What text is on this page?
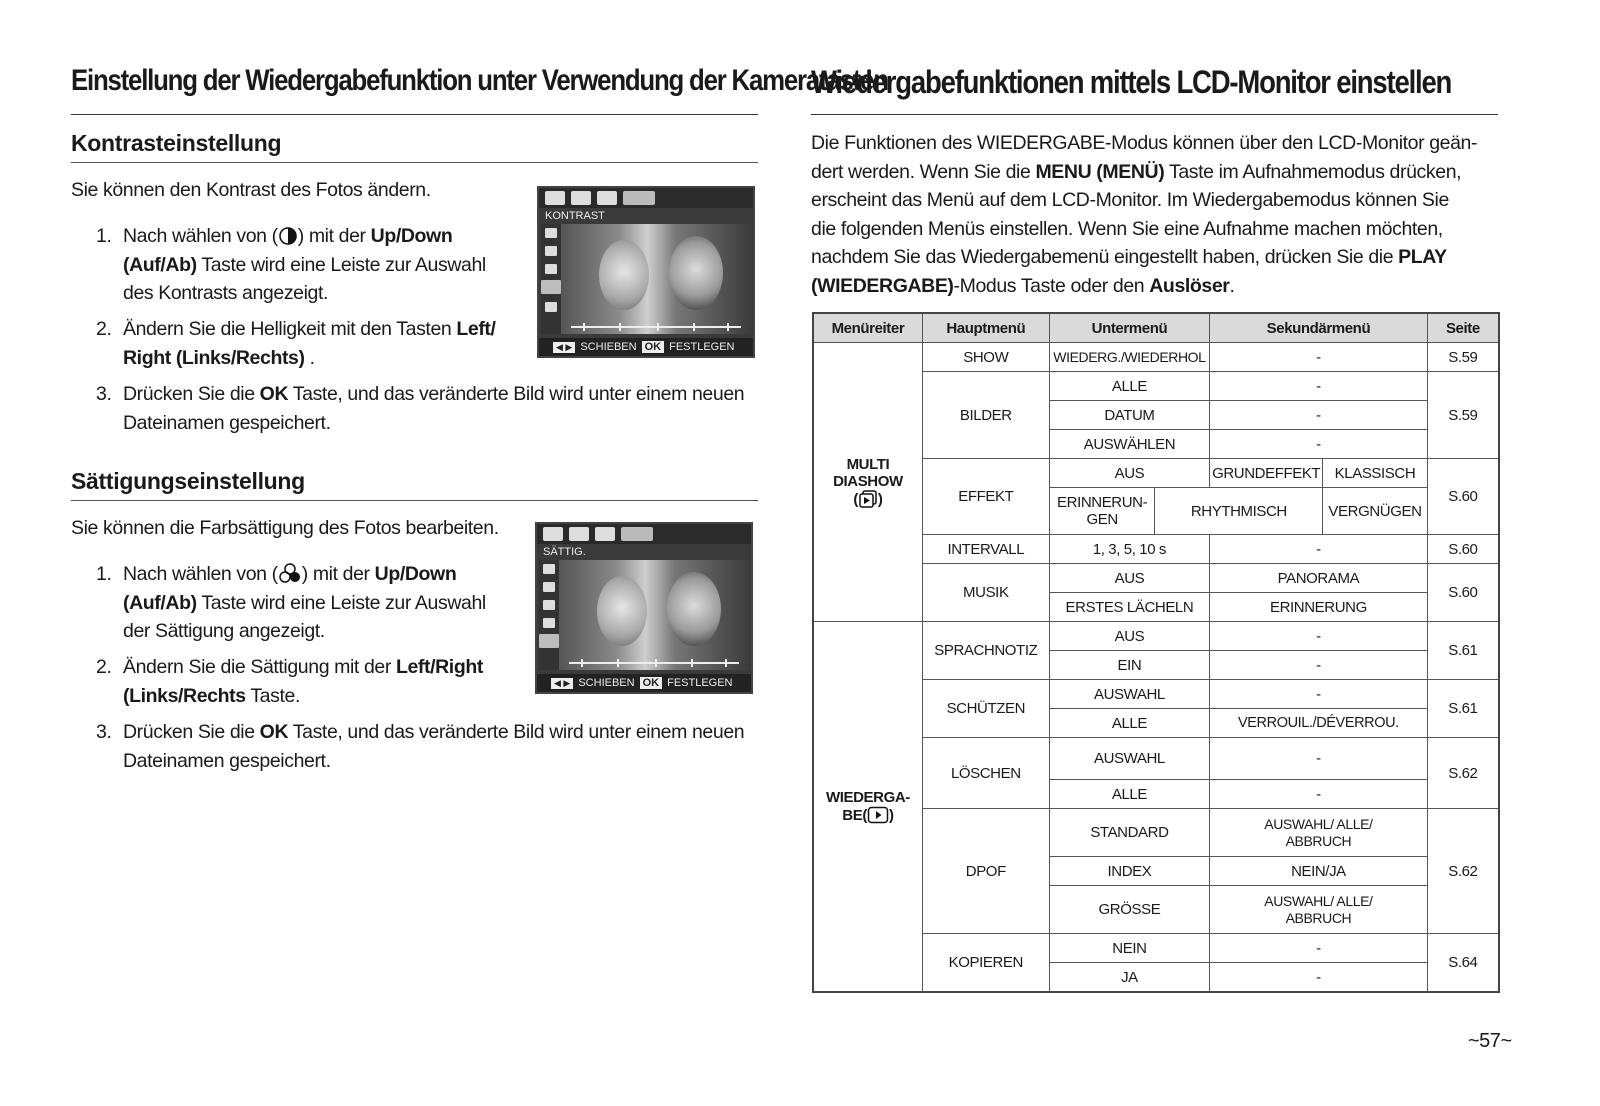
Einstellung der Wiedergabefunktion unter Verwendung der Kameratasten
Kontrasteinstellung
Sie können den Kontrast des Fotos ändern.
1. Nach wählen von ( ) mit der Up/Down
(Auf/Ab) Taste wird eine Leiste zur Auswahl
des Kontrasts angezeigt.
2. Ändern Sie die Helligkeit mit den Tasten Left/
Right (Links/Rechts) .
3. Drücken Sie die OK Taste, und das veränderte Bild wird unter einem neuen
Dateinamen gespeichert.
KONTRAST
◀ ▶ SCHIEBEN OK FESTLEGEN
Sättigungseinstellung
Sie können die Farbsättigung des Fotos bearbeiten.
1. Nach wählen von ( ) mit der Up/Down
(Auf/Ab) Taste wird eine Leiste zur Auswahl
der Sättigung angezeigt.
2. Ändern Sie die Sättigung mit der Left/Right
(Links/Rechts Taste.
3. Drücken Sie die OK Taste, und das veränderte Bild wird unter einem neuen
Dateinamen gespeichert.
SÄTTIG.
◀ ▶ SCHIEBEN OK FESTLEGEN
Wiedergabefunktionen mittels LCD-Monitor einstellen
Die Funktionen des WIEDERGABE-Modus können über den LCD-Monitor geän-
dert werden. Wenn Sie die MENU (MENÜ) Taste im Aufnahmemodus drücken,
erscheint das Menü auf dem LCD-Monitor. Im Wiedergabemodus können Sie
die folgenden Menüs einstellen. Wenn Sie eine Aufnahme machen möchten,
nachdem Sie das Wiedergabemenü eingestellt haben, drücken Sie die PLAY
(WIEDERGABE)-Modus Taste oder den Auslöser.
Menüreiter	Hauptmenü	Untermenü		Sekundärmenü		Seite
MULTI
DIASHOW
( )	SHOW	WIEDERG./WIEDERHOL		-		S.59
	BILDER	ALLE		-		S.59
		DATUM		-		
		AUSWÄHLEN		-		
	EFFEKT	AUS		GRUNDEFFEKT	KLASSISCH	S.60
		ERINNERUN-GEN	RHYTHMISCH		VERGNÜGEN	
	INTERVALL	1, 3, 5, 10 s		-		S.60
	MUSIK	AUS		PANORAMA		S.60
		ERSTES LÄCHELN		ERINNERUNG		

WIEDERGA-
BE( )	SPRACHNOTIZ	AUS		-		S.61
		EIN		-		
	SCHÜTZEN	AUSWAHL		-		S.61
		ALLE		VERROUIL./DÉVERROU.		
	LÖSCHEN	AUSWAHL		-		S.62
		ALLE		-		
	DPOF	STANDARD		AUSWAHL/ ALLE/ ABBRUCH		S.62
		INDEX		NEIN/JA		
		GRÖSSE		AUSWAHL/ ALLE/ ABBRUCH		
	KOPIEREN	NEIN		-		S.64
		JA		-		

~57~
